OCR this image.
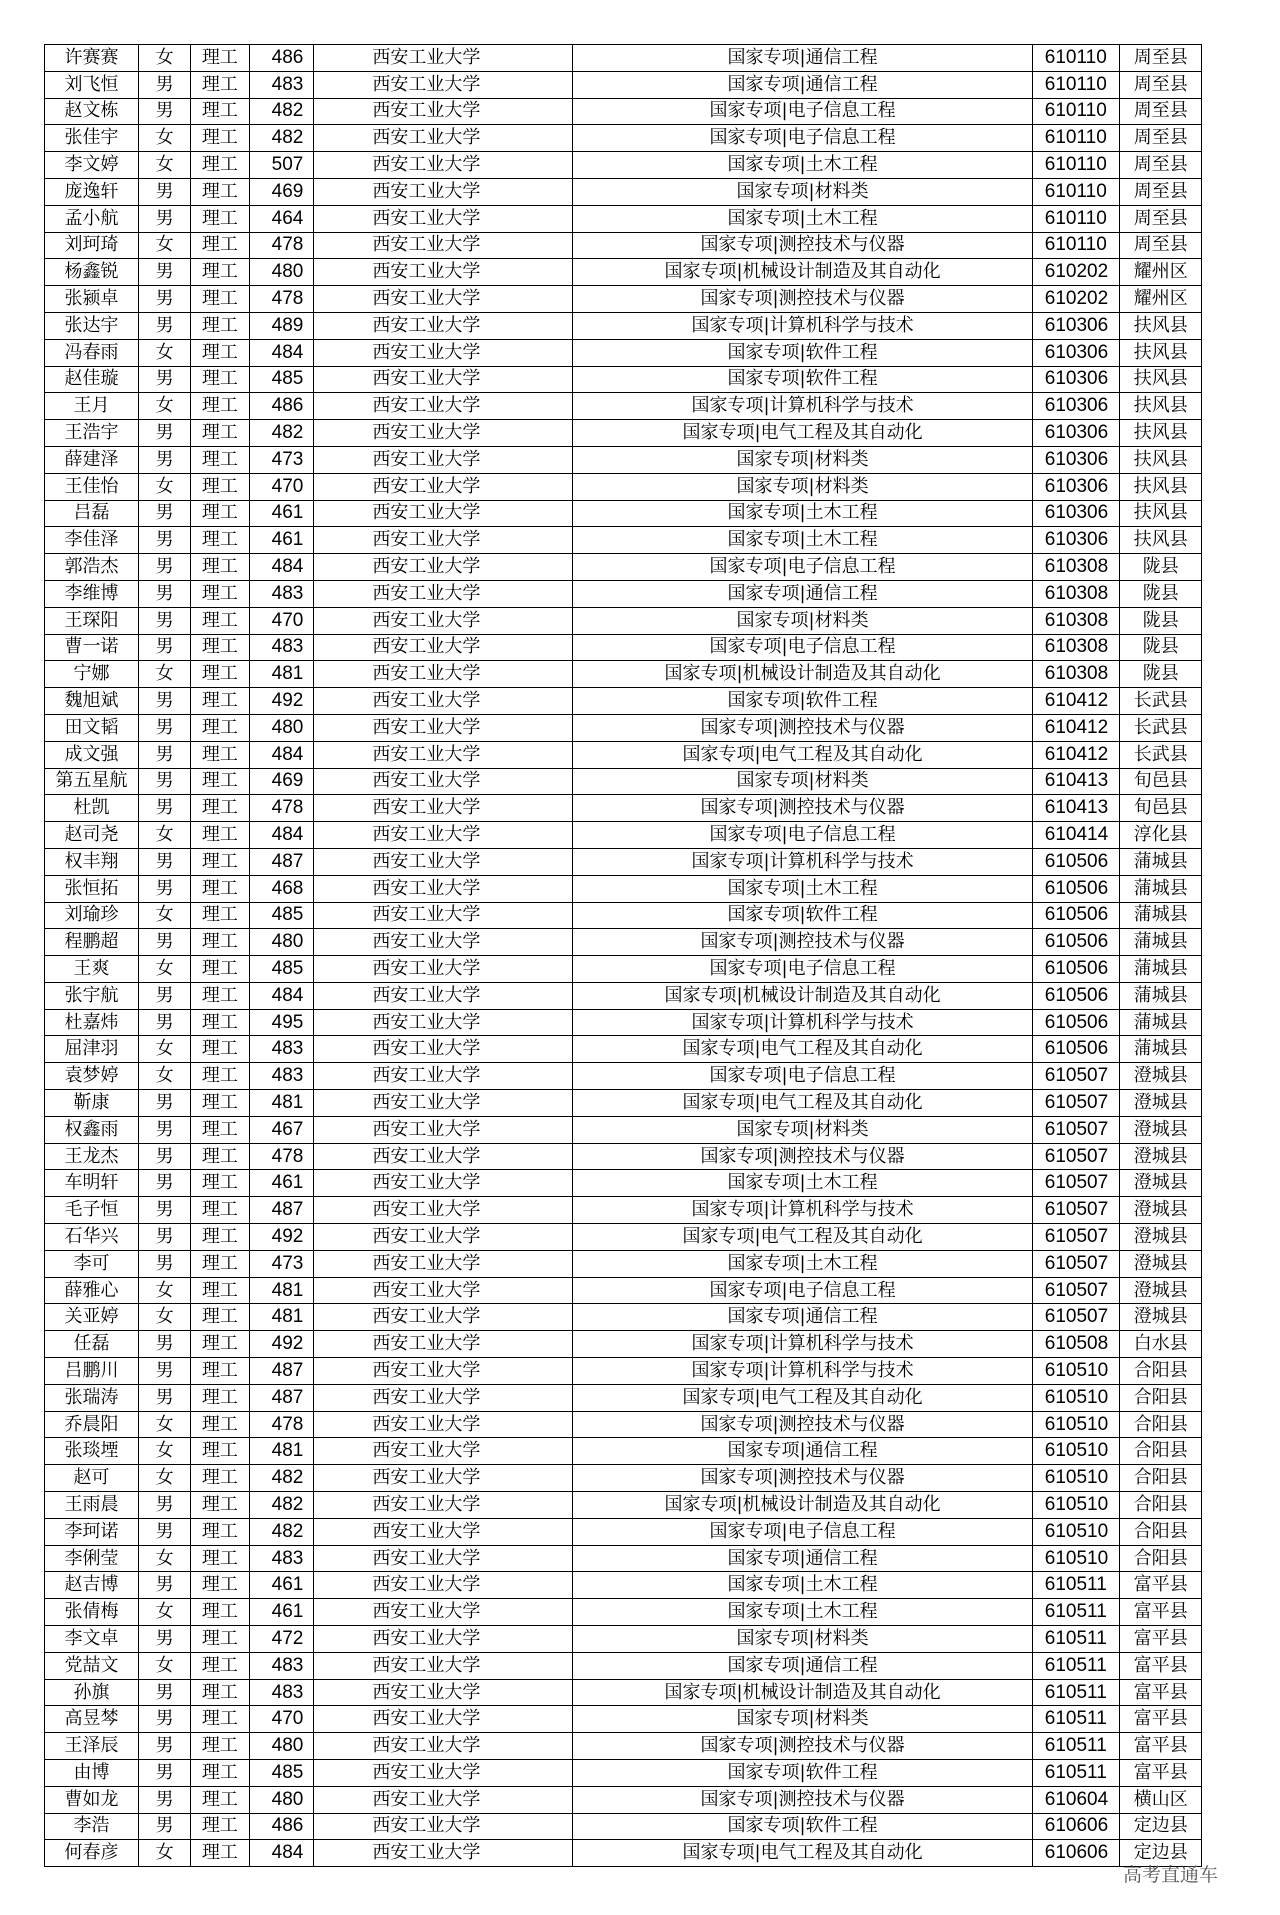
许赛赛	女	理工	486	西安工业大学	国家专项|通信工程	610110	周至县
刘飞恒	男	理工	483	西安工业大学	国家专项|通信工程	610110	周至县
赵文栋	男	理工	482	西安工业大学	国家专项|电子信息工程	610110	周至县
张佳宇	女	理工	482	西安工业大学	国家专项|电子信息工程	610110	周至县
李文婷	女	理工	507	西安工业大学	国家专项|土木工程	610110	周至县
庞逸轩	男	理工	469	西安工业大学	国家专项|材料类	610110	周至县
孟小航	男	理工	464	西安工业大学	国家专项|土木工程	610110	周至县
刘珂琦	女	理工	478	西安工业大学	国家专项|测控技术与仪器	610110	周至县
杨鑫锐	男	理工	480	西安工业大学	国家专项|机械设计制造及其自动化	610202	耀州区
张颍卓	男	理工	478	西安工业大学	国家专项|测控技术与仪器	610202	耀州区
张达宇	男	理工	489	西安工业大学	国家专项|计算机科学与技术	610306	扶风县
冯春雨	女	理工	484	西安工业大学	国家专项|软件工程	610306	扶风县
赵佳璇	男	理工	485	西安工业大学	国家专项|软件工程	610306	扶风县
王月	女	理工	486	西安工业大学	国家专项|计算机科学与技术	610306	扶风县
王浩宇	男	理工	482	西安工业大学	国家专项|电气工程及其自动化	610306	扶风县
薛建泽	男	理工	473	西安工业大学	国家专项|材料类	610306	扶风县
王佳怡	女	理工	470	西安工业大学	国家专项|材料类	610306	扶风县
吕磊	男	理工	461	西安工业大学	国家专项|土木工程	610306	扶风县
李佳泽	男	理工	461	西安工业大学	国家专项|土木工程	610306	扶风县
郭浩杰	男	理工	484	西安工业大学	国家专项|电子信息工程	610308	陇县
李维博	男	理工	483	西安工业大学	国家专项|通信工程	610308	陇县
王琛阳	男	理工	470	西安工业大学	国家专项|材料类	610308	陇县
曹一诺	男	理工	483	西安工业大学	国家专项|电子信息工程	610308	陇县
宁娜	女	理工	481	西安工业大学	国家专项|机械设计制造及其自动化	610308	陇县
魏旭斌	男	理工	492	西安工业大学	国家专项|软件工程	610412	长武县
田文韬	男	理工	480	西安工业大学	国家专项|测控技术与仪器	610412	长武县
成文强	男	理工	484	西安工业大学	国家专项|电气工程及其自动化	610412	长武县
第五星航	男	理工	469	西安工业大学	国家专项|材料类	610413	旬邑县
杜凯	男	理工	478	西安工业大学	国家专项|测控技术与仪器	610413	旬邑县
赵司尧	女	理工	484	西安工业大学	国家专项|电子信息工程	610414	淳化县
权丰翔	男	理工	487	西安工业大学	国家专项|计算机科学与技术	610506	蒲城县
张恒拓	男	理工	468	西安工业大学	国家专项|土木工程	610506	蒲城县
刘瑜珍	女	理工	485	西安工业大学	国家专项|软件工程	610506	蒲城县
程鹏超	男	理工	480	西安工业大学	国家专项|测控技术与仪器	610506	蒲城县
王爽	女	理工	485	西安工业大学	国家专项|电子信息工程	610506	蒲城县
张宇航	男	理工	484	西安工业大学	国家专项|机械设计制造及其自动化	610506	蒲城县
杜嘉炜	男	理工	495	西安工业大学	国家专项|计算机科学与技术	610506	蒲城县
屈津羽	女	理工	483	西安工业大学	国家专项|电气工程及其自动化	610506	蒲城县
袁梦婷	女	理工	483	西安工业大学	国家专项|电子信息工程	610507	澄城县
靳康	男	理工	481	西安工业大学	国家专项|电气工程及其自动化	610507	澄城县
权鑫雨	男	理工	467	西安工业大学	国家专项|材料类	610507	澄城县
王龙杰	男	理工	478	西安工业大学	国家专项|测控技术与仪器	610507	澄城县
车明轩	男	理工	461	西安工业大学	国家专项|土木工程	610507	澄城县
毛子恒	男	理工	487	西安工业大学	国家专项|计算机科学与技术	610507	澄城县
石华兴	男	理工	492	西安工业大学	国家专项|电气工程及其自动化	610507	澄城县
李可	男	理工	473	西安工业大学	国家专项|土木工程	610507	澄城县
薛雅心	女	理工	481	西安工业大学	国家专项|电子信息工程	610507	澄城县
关亚婷	女	理工	481	西安工业大学	国家专项|通信工程	610507	澄城县
任磊	男	理工	492	西安工业大学	国家专项|计算机科学与技术	610508	白水县
吕鹏川	男	理工	487	西安工业大学	国家专项|计算机科学与技术	610510	合阳县
张瑞涛	男	理工	487	西安工业大学	国家专项|电气工程及其自动化	610510	合阳县
乔晨阳	女	理工	478	西安工业大学	国家专项|测控技术与仪器	610510	合阳县
张琰堙	女	理工	481	西安工业大学	国家专项|通信工程	610510	合阳县
赵可	女	理工	482	西安工业大学	国家专项|测控技术与仪器	610510	合阳县
王雨晨	男	理工	482	西安工业大学	国家专项|机械设计制造及其自动化	610510	合阳县
李珂诺	男	理工	482	西安工业大学	国家专项|电子信息工程	610510	合阳县
李俐莹	女	理工	483	西安工业大学	国家专项|通信工程	610510	合阳县
赵吉博	男	理工	461	西安工业大学	国家专项|土木工程	610511	富平县
张倩梅	女	理工	461	西安工业大学	国家专项|土木工程	610511	富平县
李文卓	男	理工	472	西安工业大学	国家专项|材料类	610511	富平县
党喆文	女	理工	483	西安工业大学	国家专项|通信工程	610511	富平县
孙旗	男	理工	483	西安工业大学	国家专项|机械设计制造及其自动化	610511	富平县
高昱棽	男	理工	470	西安工业大学	国家专项|材料类	610511	富平县
王泽辰	男	理工	480	西安工业大学	国家专项|测控技术与仪器	610511	富平县
由博	男	理工	485	西安工业大学	国家专项|软件工程	610511	富平县
曹如龙	男	理工	480	西安工业大学	国家专项|测控技术与仪器	610604	横山区
李浩	男	理工	486	西安工业大学	国家专项|软件工程	610606	定边县
何春彦	女	理工	484	西安工业大学	国家专项|电气工程及其自动化	610606	定边县
高考直通车
